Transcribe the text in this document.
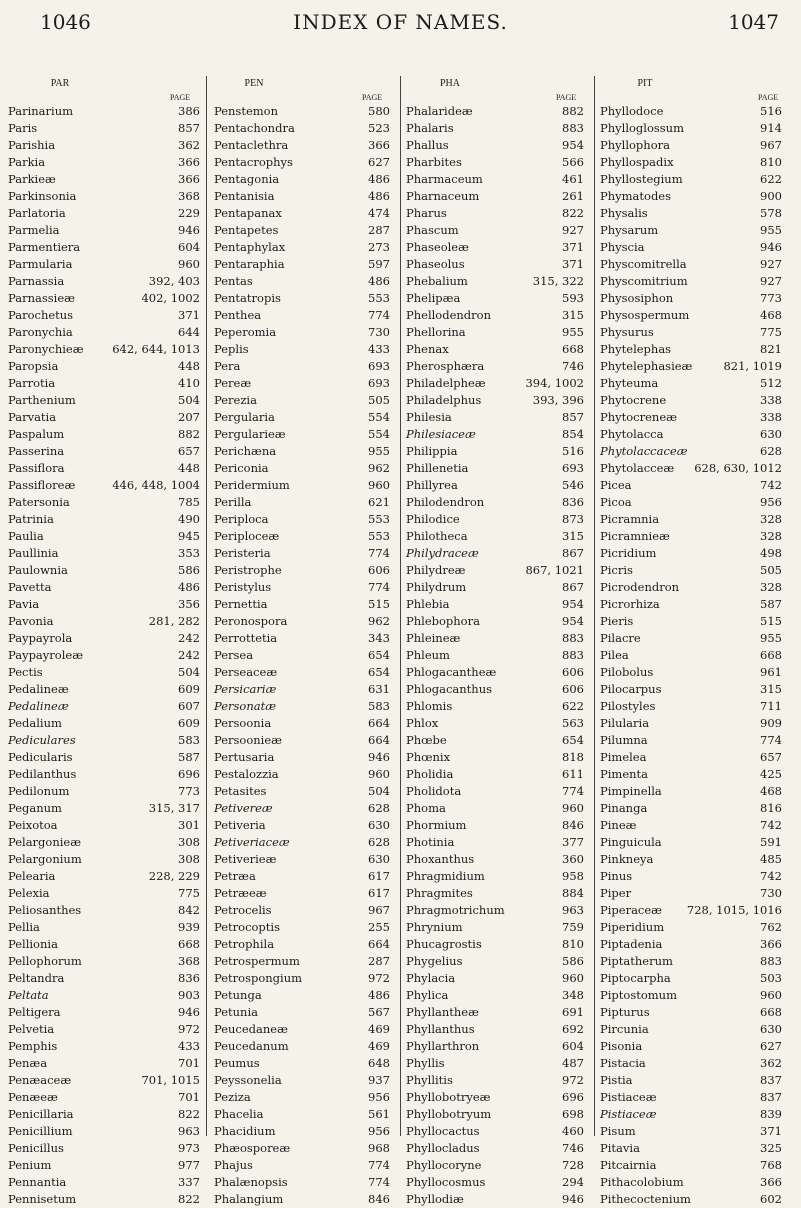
1046	INDEX OF NAMES.	1047
PAR	PEN	PHA	PIT
PAGE	PAGE	PAGE	PAGE
Parinarium	386
Paris	857
Parishia	362
Parkia	366
Parkieæ	366
Parkinsonia	368
Parlatoria	229
Parmelia	946
Parmentiera	604
Parmularia	960
Parnassia	392, 403
Parnassieæ	402, 1002
Parochetus	371
Paronychia	644
Paronychieæ 642, 644, 1013
Paropsia	448
Parrotia	410
Parthenium	504
Parvatia	207
Paspalum	882
Passerina	657
Passiflora	448
Passifloreæ	446, 448, 1004
Patersonia	785
Patrinia	490
Paulia	945
Paullinia	353
Paulownia	586
Pavetta	486
Pavia	356
Pavonia	281, 282
Paypayrola	242
Paypayroleæ	242
Pectis	504
Pedalineæ	609
Pedalineæ	607
Pedalium	609
Pediculares	583
Pedicularis	587
Pedilanthus	696
Pedilonum	773
Peganum	315, 317
Peixotoa	301
Pelargonieæ	308
Pelargonium	308
Pelearia	228, 229
Pelexia	775
Peliosanthes	842
Pellia	939
Pellionia	668
Pellophorum	368
Peltandra	836
Peltata	903
Peltigera	946
Pelvetia	972
Pemphis	433
Penæa	701
Penæaceæ	701, 1015
Penæeæ	701
Penicillaria	822
Penicillium	963
Penicillus	973
Penium	977
Pennantia	337
Pennisetum	822
Penstemon	580
Pentachondra	523
Pentaclethra	366
Pentacrophys	627
Pentagonia	486
Pentanisia	486
Pentapanax	474
Pentapetes	287
Pentaphylax	273
Pentaraphia	597
Pentas	486
Pentatropis	553
Penthea	774
Peperomia	730
Peplis	433
Pera	693
Pereæ	693
Perezia	505
Pergularia	554
Pergularieæ	554
Perichæna	955
Periconia	962
Peridermium	960
Perilla	621
Periploca	553
Periploceæ	553
Peristeria	774
Peristrophe	606
Peristylus	774
Pernettia	515
Peronospora	962
Perrottetia	343
Persea	654
Perseaceæ	654
Persicariæ	631
Personatæ	583
Persoonia	664
Persoonieæ	664
Pertusaria	946
Pestalozzia	960
Petasites	504
Petivereæ	628
Petiveria	630
Petiveriaceæ	628
Petiverieæ	630
Petræa	617
Petræeæ	617
Petrocelis	967
Petrocoptis	255
Petrophila	664
Petrospermum	287
Petrospongium	972
Petunga	486
Petunia	567
Peucedaneæ	469
Peucedanum	469
Peumus	648
Peyssonelia	937
Peziza	956
Phacelia	561
Phacidium	956
Phæosporeæ	968
Phajus	774
Phalænopsis	774
Phalangium	846
Phalarideæ	882
Phalaris	883
Phallus	954
Pharbites	566
Pharmaceum	461
Pharnaceum	261
Pharus	822
Phascum	927
Phaseoleæ	371
Phaseolus	371
Phebalium	315, 322
Phelipæa	593
Phellodendron	315
Phellorina	955
Phenax	668
Pherosphæra	746
Philadelpheæ	394, 1002
Philadelphus	393, 396
Philesia	857
Philesiaceæ	854
Philippia	516
Phillenetia	693
Phillyrea	546
Philodendron	836
Philodice	873
Philotheca	315
Philydraceæ	867
Philydreæ	867, 1021
Philydrum	867
Phlebia	954
Phlebophora	954
Phleineæ	883
Phleum	883
Phlogacantheæ	606
Phlogacanthus	606
Phlomis	622
Phlox	563
Phœbe	654
Phœnix	818
Pholidia	611
Pholidota	774
Phoma	960
Phormium	846
Photinia	377
Phoxanthus	360
Phragmidium	958
Phragmites	884
Phragmotrichum	963
Phrynium	759
Phucagrostis	810
Phygelius	586
Phylacia	960
Phylica	348
Phyllantheæ	691
Phyllanthus	692
Phyllarthron	604
Phyllis	487
Phyllitis	972
Phyllobotryeæ	696
Phyllobotryum	698
Phyllocactus	460
Phyllocladus	746
Phyllocoryne	728
Phyllocosmus	294
Phyllodiæ	946
Phyllodoce	516
Phylloglossum	914
Phyllophora	967
Phyllospadix	810
Phyllostegium	622
Phymatodes	900
Physalis	578
Physarum	955
Physcia	946
Physcomitrella	927
Physcomitrium	927
Physosiphon	773
Physospermum	468
Physurus	775
Phytelephas	821
Phytelephasieæ	821, 1019
Phyteuma	512
Phytocrene	338
Phytocreneæ	338
Phytolacca	630
Phytolaccaceæ	628
Phytolacceæ 628, 630, 1012
Picea	742
Picoa	956
Picramnia	328
Picramnieæ	328
Picridium	498
Picris	505
Picrodendron	328
Picrorhiza	587
Pieris	515
Pilacre	955
Pilea	668
Pilobolus	961
Pilocarpus	315
Pilostyles	711
Pilularia	909
Pilumna	774
Pimelea	657
Pimenta	425
Pimpinella	468
Pinanga	816
Pineæ	742
Pinguicula	591
Pinkneya	485
Pinus	742
Piper	730
Piperaceæ 728, 1015, 1016
Piperidium	762
Piptadenia	366
Piptatherum	883
Piptocarpha	503
Piptostomum	960
Pipturus	668
Pircunia	630
Pisonia	627
Pistacia	362
Pistia	837
Pistiaceæ	837
Pistiaceæ	839
Pisum	371
Pitavia	325
Pitcairnia	768
Pithacolobium	366
Pithecoctenium	602
